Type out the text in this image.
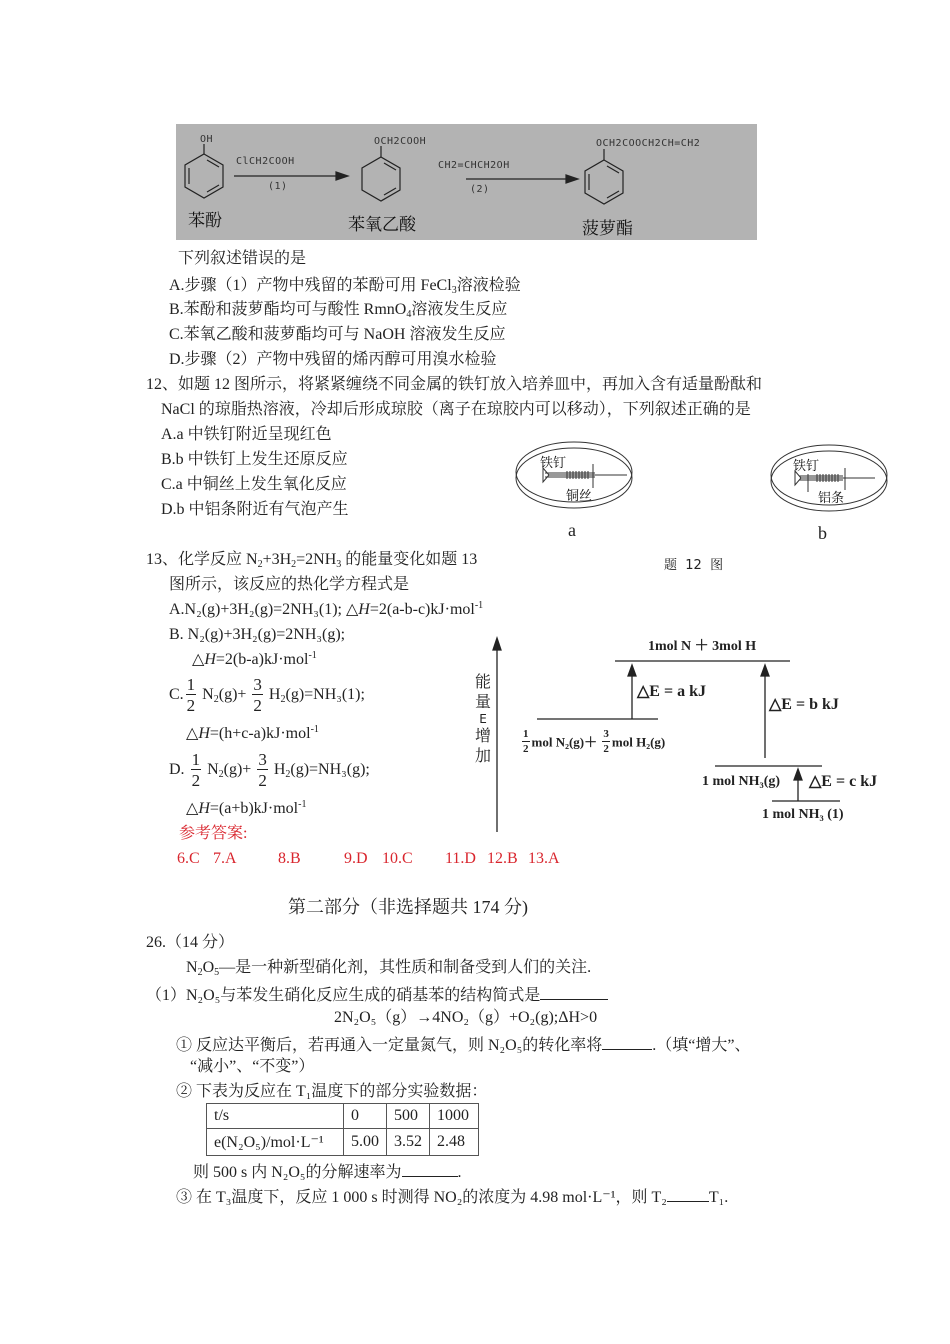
OH
ClCH2COOH
(1)
苯酚
OCH2COOH
苯氧乙酸
CH2=CHCH2OH
(2)
OCH2COOCH2CH=CH2
菠萝酯
下列叙述错误的是
A.步骤（1）产物中残留的苯酚可用 FeCl$_3$溶液检验
B.苯酚和菠萝酯均可与酸性 RmnO$_4$溶液发生反应
C.苯氧乙酸和菠萝酯均可与 NaOH 溶液发生反应
D.步骤（2）产物中残留的烯丙醇可用溴水检验
12、如题 12 图所示，将紧紧缠绕不同金属的铁钉放入培养皿中，再加入含有适量酚酞和
NaCl 的琼脂热溶液，冷却后形成琼胶（离子在琼胶内可以移动），下列叙述正确的是
A.a 中铁钉附近呈现红色
B.b 中铁钉上发生还原反应
C.a 中铜丝上发生氧化反应
D.b 中铝条附近有气泡产生
铁钉
铜丝
a
铁钉
铝条
b
题  12  图
13、化学反应 $N_2+3H_2=2NH_3$ 的能量变化如题 13
图所示，该反应的热化学方程式是
A.N₂(g)+3H₂(g)=2NH₃(1); △H=2(a-b-c)kJ·mol$^{-1}$
B. N₂(g)+3H₂(g)=2NH₃(g);
△H=2(b-a)kJ·mol$^{-1}$
C. $\frac{1}{2} N_2(g)+ \frac{3}{2} H_2(g)=NH_3(1)$;
△H=(h+c-a)kJ·mol$^{-1}$
D. $\frac{1}{2} N_2(g)+ \frac{3}{2} H_2(g)=NH_3(g)$;
△H=(a+b)kJ·mol$^{-1}$
能
量
E
增
加
1mol N ＋ 3mol H
△E = a kJ
△E = b kJ
$\frac{1}{2}$ mol $N_2(g)+ \frac{3}{2}$ mol H₂(g)
1 mol NH₃(g) △E = c kJ
1 mol NH₃ (1)
参考答案:
6.C 7.A	8.B	9.D 10.C 11.D 12.B 13.A
第二部分（非选择题共 174 分)
26.（14 分）
$N_2O_5—$是一种新型硝化剂，其性质和制备受到人们的关注.
（1）N₂O₅与苯发生硝化反应生成的硝基苯的结构简式是
2N₂O₅（g）→4NO₂（g）+O₂(g);ΔH>0
① 反应达平衡后，若再通入一定量氮气，则 N₂O₅的转化率将	.（填“增大”、
“减小”、“不变”）
② 下表为反应在 T₁温度下的部分实验数据：
t/s	0	500	1000
e(N₂O₅)/mol·L⁻¹	5.00	3.52	2.48
则 500 s 内 N₂O₅的分解速率为	.
③ 在 T₃温度下，反应 1 000 s 时测得 NO₂的浓度为 4.98 mol·L⁻¹，则 T₂	T₁.
